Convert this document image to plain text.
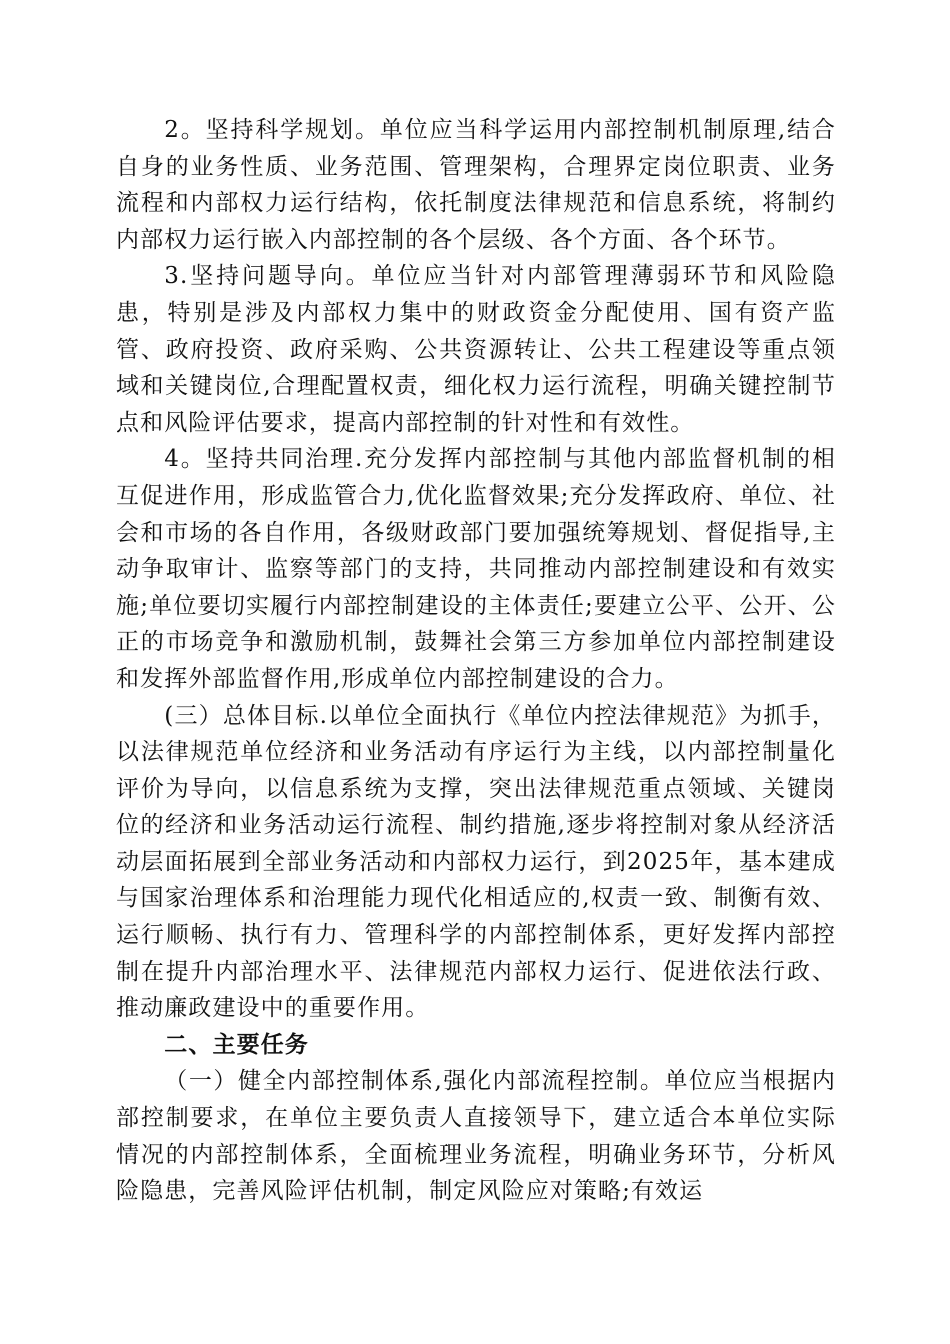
2。坚持科学规划。单位应当科学运用内部控制机制原理,结合自身的业务性质、业务范围、管理架构，合理界定岗位职责、业务流程和内部权力运行结构，依托制度法律规范和信息系统，将制约内部权力运行嵌入内部控制的各个层级、各个方面、各个环节。

3.坚持问题导向。单位应当针对内部管理薄弱环节和风险隐患，特别是涉及内部权力集中的财政资金分配使用、国有资产监管、政府投资、政府采购、公共资源转让、公共工程建设等重点领域和关键岗位,合理配置权责，细化权力运行流程，明确关键控制节点和风险评估要求，提高内部控制的针对性和有效性。

4。坚持共同治理.充分发挥内部控制与其他内部监督机制的相互促进作用，形成监管合力,优化监督效果;充分发挥政府、单位、社会和市场的各自作用，各级财政部门要加强统筹规划、督促指导,主动争取审计、监察等部门的支持，共同推动内部控制建设和有效实施;单位要切实履行内部控制建设的主体责任;要建立公平、公开、公正的市场竞争和激励机制，鼓舞社会第三方参加单位内部控制建设和发挥外部监督作用,形成单位内部控制建设的合力。

(三）总体目标.以单位全面执行《单位内控法律规范》为抓手，以法律规范单位经济和业务活动有序运行为主线，以内部控制量化评价为导向，以信息系统为支撑，突出法律规范重点领域、关键岗位的经济和业务活动运行流程、制约措施,逐步将控制对象从经济活动层面拓展到全部业务活动和内部权力运行，到2025年，基本建成与国家治理体系和治理能力现代化相适应的,权责一致、制衡有效、运行顺畅、执行有力、管理科学的内部控制体系，更好发挥内部控制在提升内部治理水平、法律规范内部权力运行、促进依法行政、推动廉政建设中的重要作用。

二、主要任务

（一）健全内部控制体系,强化内部流程控制。单位应当根据内部控制要求，在单位主要负责人直接领导下，建立适合本单位实际情况的内部控制体系，全面梳理业务流程，明确业务环节，分析风险隐患，完善风险评估机制，制定风险应对策略;有效运
